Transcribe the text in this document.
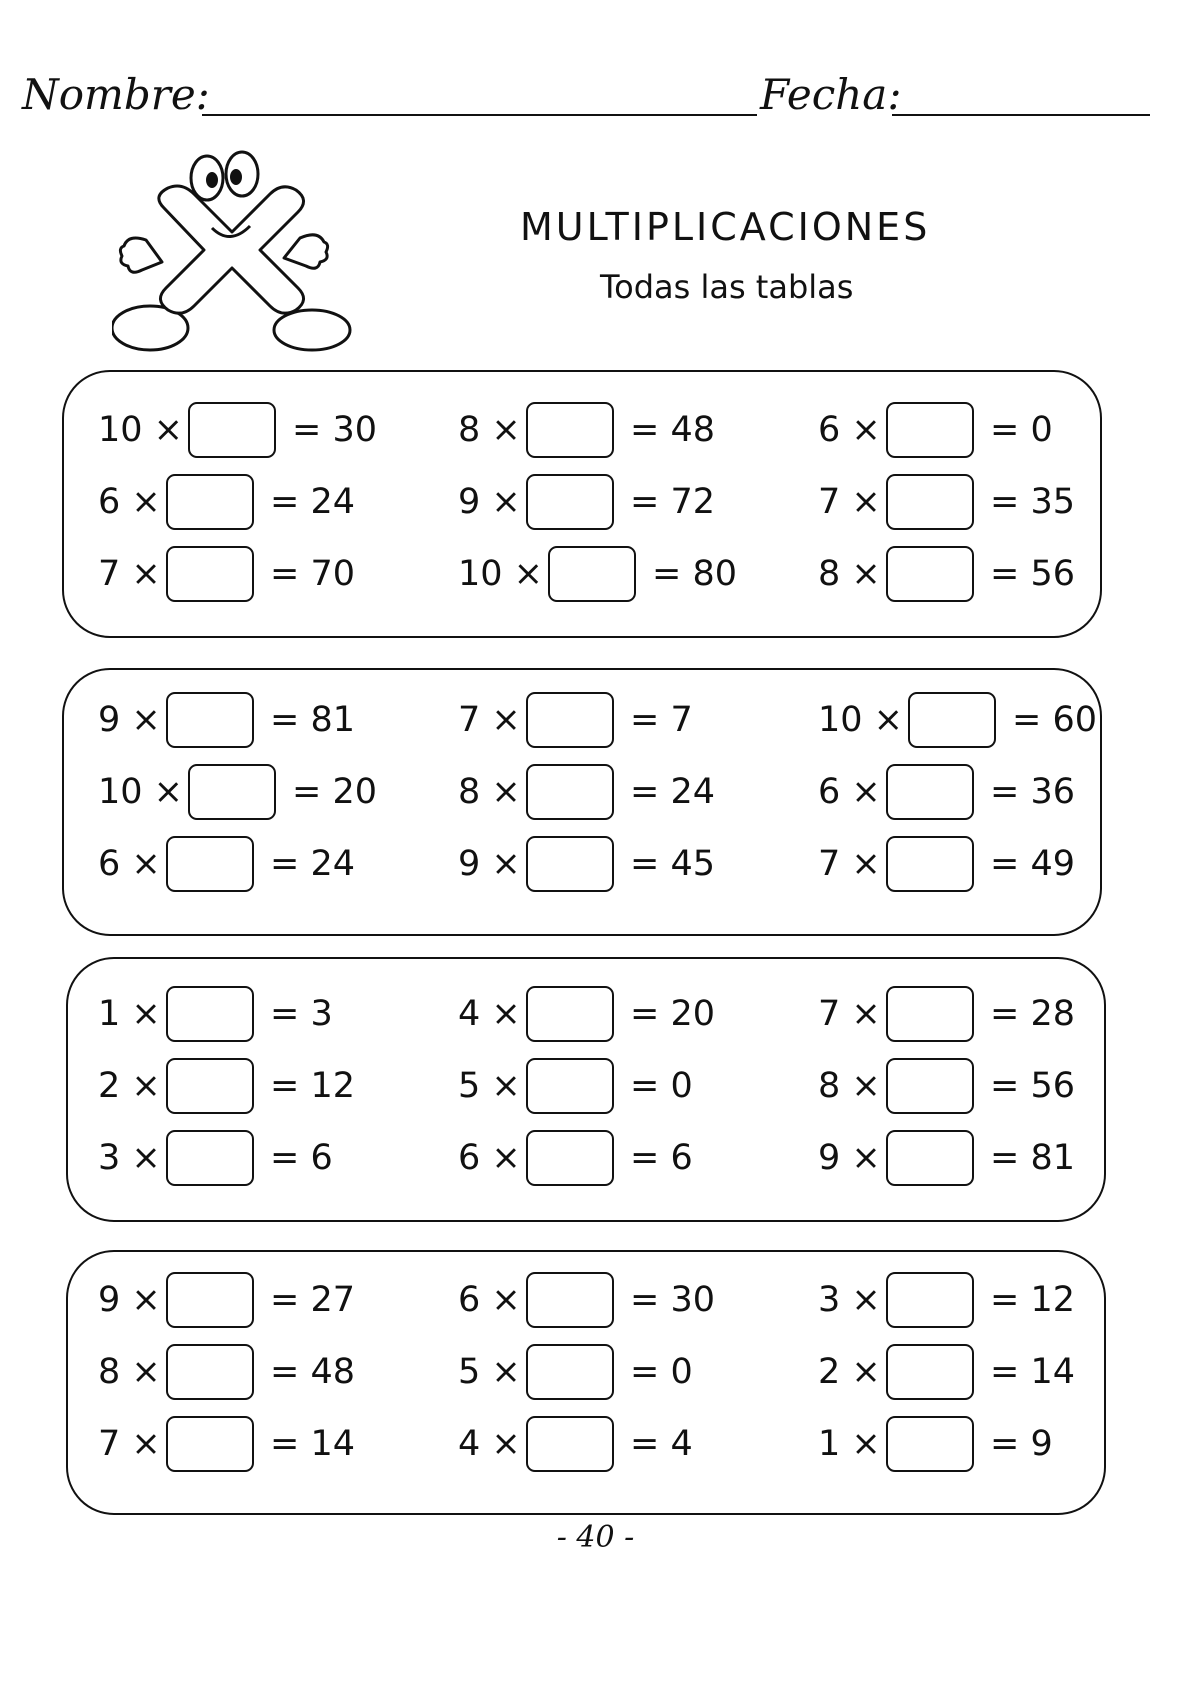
Nombre:	Fecha:
MULTIPLICACIONES
Todas las tablas
10 ×	= 30 8 ×	= 48	6 ×	= 0
6 ×	= 24	9 ×	= 72	7 ×	= 35
7 ×	= 70	10 ×	= 80 8 ×	= 56
9 ×	= 81	7 ×	= 7	10 ×	= 60
10 ×	= 20 8 ×	= 24	6 ×	= 36
6 ×	= 24	9 ×	= 45	7 ×	= 49
1 ×	= 3	4 ×	= 20	7 ×	= 28
2 ×	= 12	5 ×	= 0	8 ×	= 56
3 ×	= 6	6 ×	= 6	9 ×	= 81
9 ×	= 27	6 ×	= 30	3 ×	= 12
8 ×	= 48	5 ×	= 0	2 ×	= 14
7 ×	= 14	4 ×	= 4	1 ×	= 9
- 40 -
